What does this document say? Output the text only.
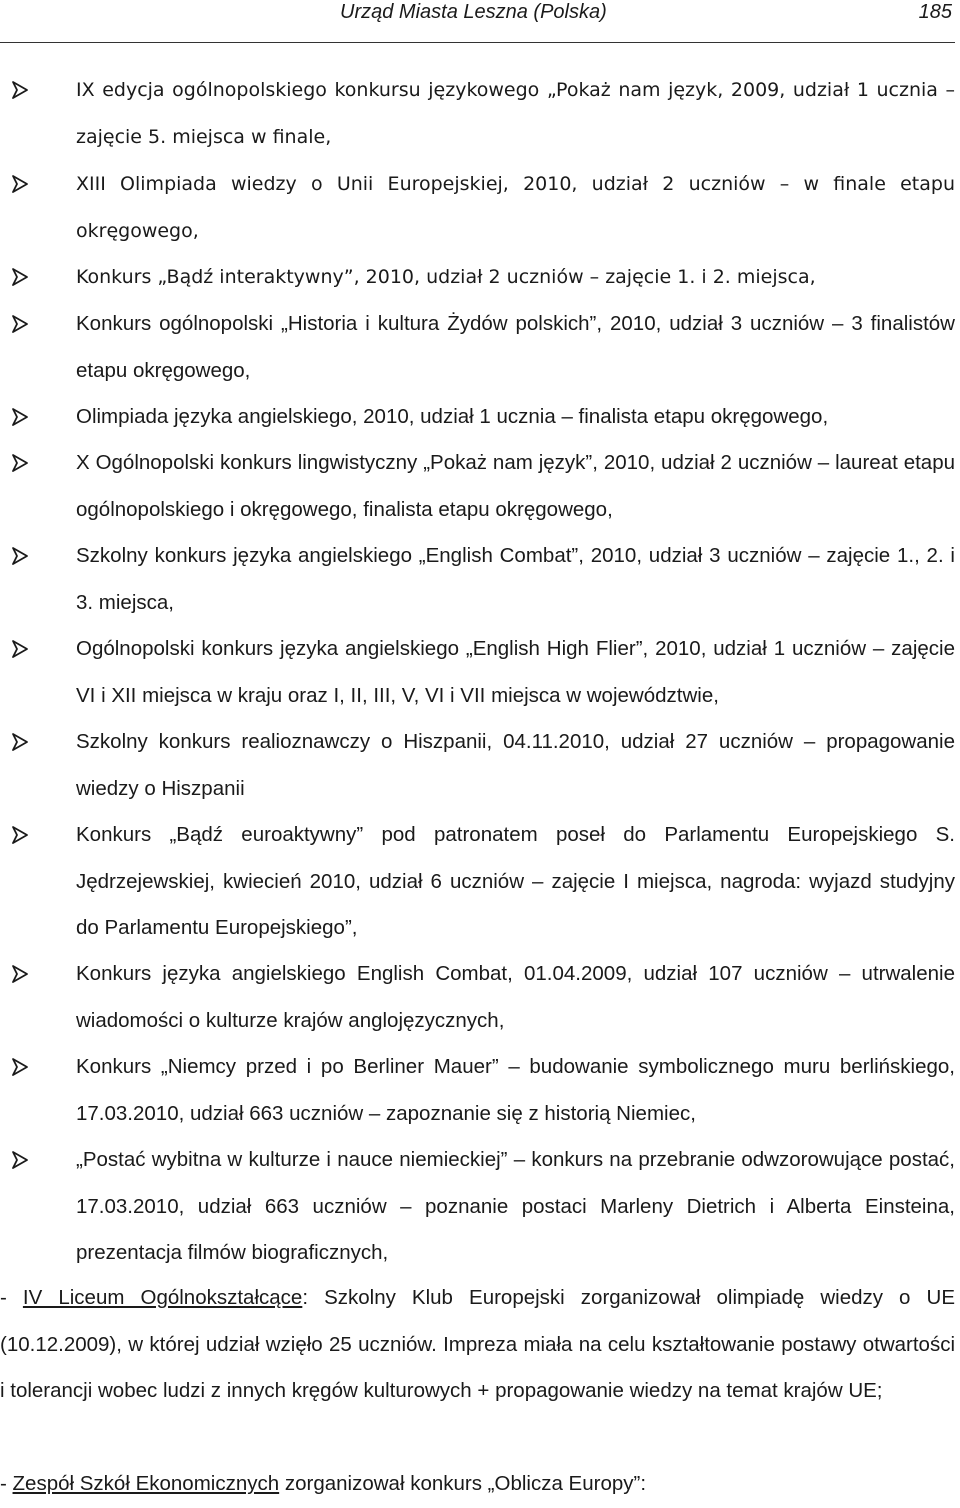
Urząd Miasta Leszna (Polska)	185
IX edycja ogólnopolskiego konkursu językowego „Pokaż nam język, 2009, udział 1 ucznia – zajęcie 5. miejsca w finale,
XIII Olimpiada wiedzy o Unii Europejskiej, 2010, udział 2 uczniów – w finale etapu okręgowego,
Konkurs „Bądź interaktywny”, 2010, udział 2 uczniów – zajęcie 1. i 2. miejsca,
Konkurs ogólnopolski „Historia i kultura Żydów polskich”, 2010, udział 3 uczniów – 3 finalistów etapu okręgowego,
Olimpiada języka angielskiego, 2010, udział 1 ucznia – finalista etapu okręgowego,
X Ogólnopolski konkurs lingwistyczny „Pokaż nam język”, 2010, udział 2 uczniów – laureat etapu ogólnopolskiego i okręgowego, finalista etapu okręgowego,
Szkolny konkurs języka angielskiego „English Combat”, 2010, udział 3 uczniów – zajęcie 1., 2. i 3. miejsca,
Ogólnopolski konkurs języka angielskiego „English High Flier”, 2010, udział 1 uczniów – zajęcie VI i XII miejsca w kraju oraz I, II, III, V, VI i VII miejsca w województwie,
Szkolny konkurs realioznawczy o Hiszpanii, 04.11.2010, udział 27 uczniów – propagowanie wiedzy o Hiszpanii
Konkurs „Bądź euroaktywny” pod patronatem poseł do Parlamentu Europejskiego S. Jędrzejewskiej, kwiecień 2010, udział 6 uczniów – zajęcie I miejsca, nagroda: wyjazd studyjny do Parlamentu Europejskiego”,
Konkurs języka angielskiego English Combat, 01.04.2009, udział 107 uczniów – utrwalenie wiadomości o kulturze krajów anglojęzycznych,
Konkurs „Niemcy przed i po Berliner Mauer” – budowanie symbolicznego muru berlińskiego, 17.03.2010, udział 663 uczniów – zapoznanie się z historią Niemiec,
„Postać wybitna w kulturze i nauce niemieckiej” – konkurs na przebranie odwzorowujące postać, 17.03.2010, udział 663 uczniów – poznanie postaci Marleny Dietrich i Alberta Einsteina, prezentacja filmów biograficznych,
- IV Liceum Ogólnokształcące: Szkolny Klub Europejski zorganizował olimpiadę wiedzy o UE (10.12.2009), w której udział wzięło 25 uczniów. Impreza miała na celu kształtowanie postawy otwartości i tolerancji wobec ludzi z innych kręgów kulturowych + propagowanie wiedzy na temat krajów UE;
- Zespół Szkół Ekonomicznych zorganizował konkurs „Oblicza Europy”:
